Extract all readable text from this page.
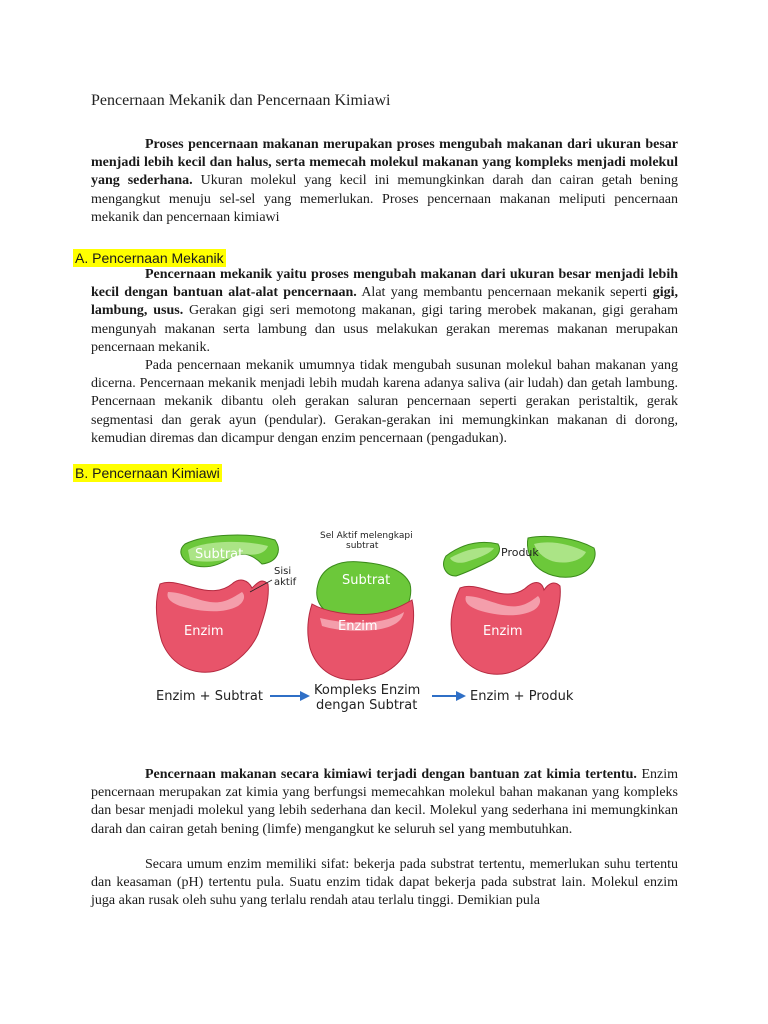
Pencernaan Mekanik dan Pencernaan Kimiawi

Proses pencernaan makanan merupakan proses mengubah makanan dari ukuran besar menjadi lebih kecil dan halus, serta memecah molekul makanan yang kompleks menjadi molekul yang sederhana. Ukuran molekul yang kecil ini memungkinkan darah dan cairan getah bening mengangkut menuju sel-sel yang memerlukan. Proses pencernaan makanan meliputi pencernaan mekanik dan pencernaan kimiawi

A. Pencernaan Mekanik

Pencernaan mekanik yaitu proses mengubah makanan dari ukuran besar menjadi lebih kecil dengan bantuan alat-alat pencernaan. Alat yang membantu pencernaan mekanik seperti gigi, lambung, usus. Gerakan gigi seri memotong makanan, gigi taring merobek makanan, gigi geraham mengunyah makanan serta lambung dan usus melakukan gerakan meremas makanan merupakan pencernaan mekanik.

Pada pencernaan mekanik umumnya tidak mengubah susunan molekul bahan makanan yang dicerna. Pencernaan mekanik menjadi lebih mudah karena adanya saliva (air ludah) dan getah lambung. Pencernaan mekanik dibantu oleh gerakan saluran pencernaan seperti gerakan peristaltik, gerak segmentasi dan gerak ayun (pendular). Gerakan-gerakan ini memungkinkan makanan di dorong, kemudian diremas dan dicampur dengan enzim pencernaan (pengadukan).

B. Pencernaan Kimiawi
Subtrat
Enzim
Sisi
aktif
Sel Aktif melengkapi
subtrat
Subtrat
Enzim
Produk
Enzim
Enzim + Subtrat	Kompleks Enzim
dengan Subtrat
Enzim + Produk

Pencernaan makanan secara kimiawi terjadi dengan bantuan zat kimia tertentu. Enzim pencernaan merupakan zat kimia yang berfungsi memecahkan molekul bahan makanan yang kompleks dan besar menjadi molekul yang lebih sederhana dan kecil. Molekul yang sederhana ini memungkinkan darah dan cairan getah bening (limfe) mengangkut ke seluruh sel yang membutuhkan.

Secara umum enzim memiliki sifat: bekerja pada substrat tertentu, memerlukan suhu tertentu dan keasaman (pH) tertentu pula. Suatu enzim tidak dapat bekerja pada substrat lain. Molekul enzim juga akan rusak oleh suhu yang terlalu rendah atau terlalu tinggi. Demikian pula
